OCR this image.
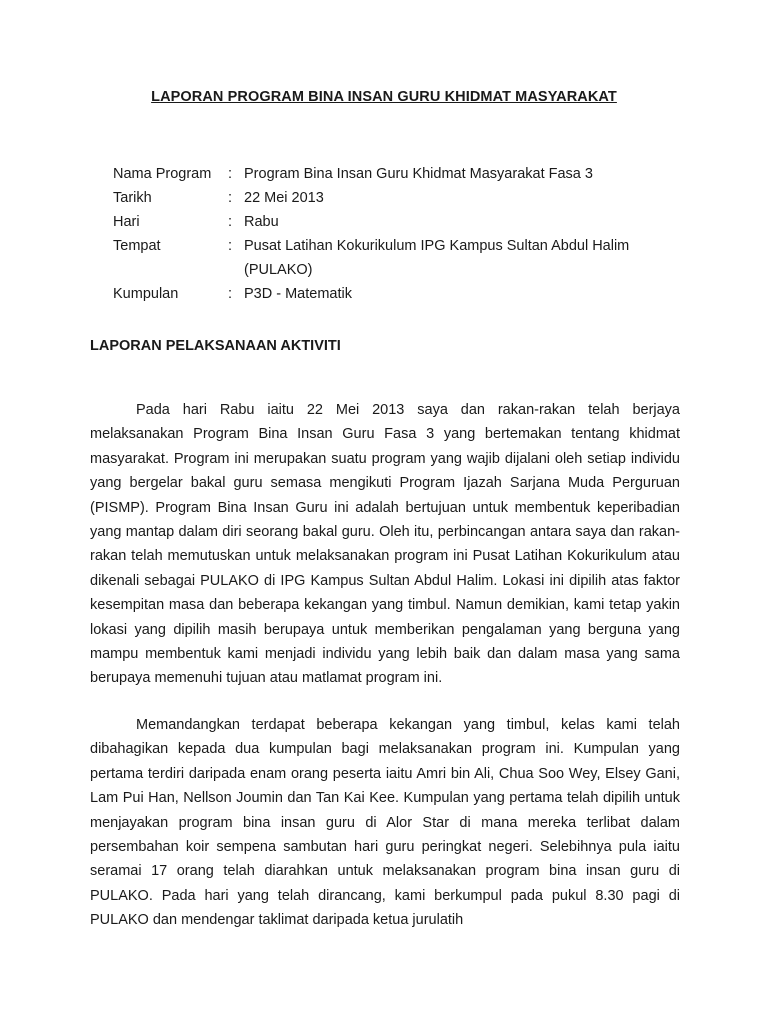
LAPORAN PROGRAM BINA INSAN GURU KHIDMAT MASYARAKAT
Nama Program	: Program Bina Insan Guru Khidmat Masyarakat Fasa 3
Tarikh	: 22 Mei 2013
Hari	: Rabu
Tempat	: Pusat Latihan Kokurikulum IPG Kampus Sultan Abdul Halim
(PULAKO)
Kumpulan	: P3D - Matematik
LAPORAN PELAKSANAAN AKTIVITI

Pada hari Rabu iaitu 22 Mei 2013 saya dan rakan-rakan telah berjaya melaksanakan Program Bina Insan Guru Fasa 3 yang bertemakan tentang khidmat masyarakat. Program ini merupakan suatu program yang wajib dijalani oleh setiap individu yang bergelar bakal guru semasa mengikuti Program Ijazah Sarjana Muda Perguruan (PISMP). Program Bina Insan Guru ini adalah bertujuan untuk membentuk keperibadian yang mantap dalam diri seorang bakal guru. Oleh itu, perbincangan antara saya dan rakan-rakan telah memutuskan untuk melaksanakan program ini Pusat Latihan Kokurikulum atau dikenali sebagai PULAKO di IPG Kampus Sultan Abdul Halim. Lokasi ini dipilih atas faktor kesempitan masa dan beberapa kekangan yang timbul. Namun demikian, kami tetap yakin lokasi yang dipilih masih berupaya untuk memberikan pengalaman yang berguna yang mampu membentuk kami menjadi individu yang lebih baik dan dalam masa yang sama berupaya memenuhi tujuan atau matlamat program ini.

Memandangkan terdapat beberapa kekangan yang timbul, kelas kami telah dibahagikan kepada dua kumpulan bagi melaksanakan program ini. Kumpulan yang pertama terdiri daripada enam orang peserta iaitu Amri bin Ali, Chua Soo Wey, Elsey Gani, Lam Pui Han, Nellson Joumin dan Tan Kai Kee. Kumpulan yang pertama telah dipilih untuk menjayakan program bina insan guru di Alor Star di mana mereka terlibat dalam persembahan koir sempena sambutan hari guru peringkat negeri. Selebihnya pula iaitu seramai 17 orang telah diarahkan untuk melaksanakan program bina insan guru di PULAKO. Pada hari yang telah dirancang, kami berkumpul pada pukul 8.30 pagi di PULAKO dan mendengar taklimat daripada ketua jurulatih
